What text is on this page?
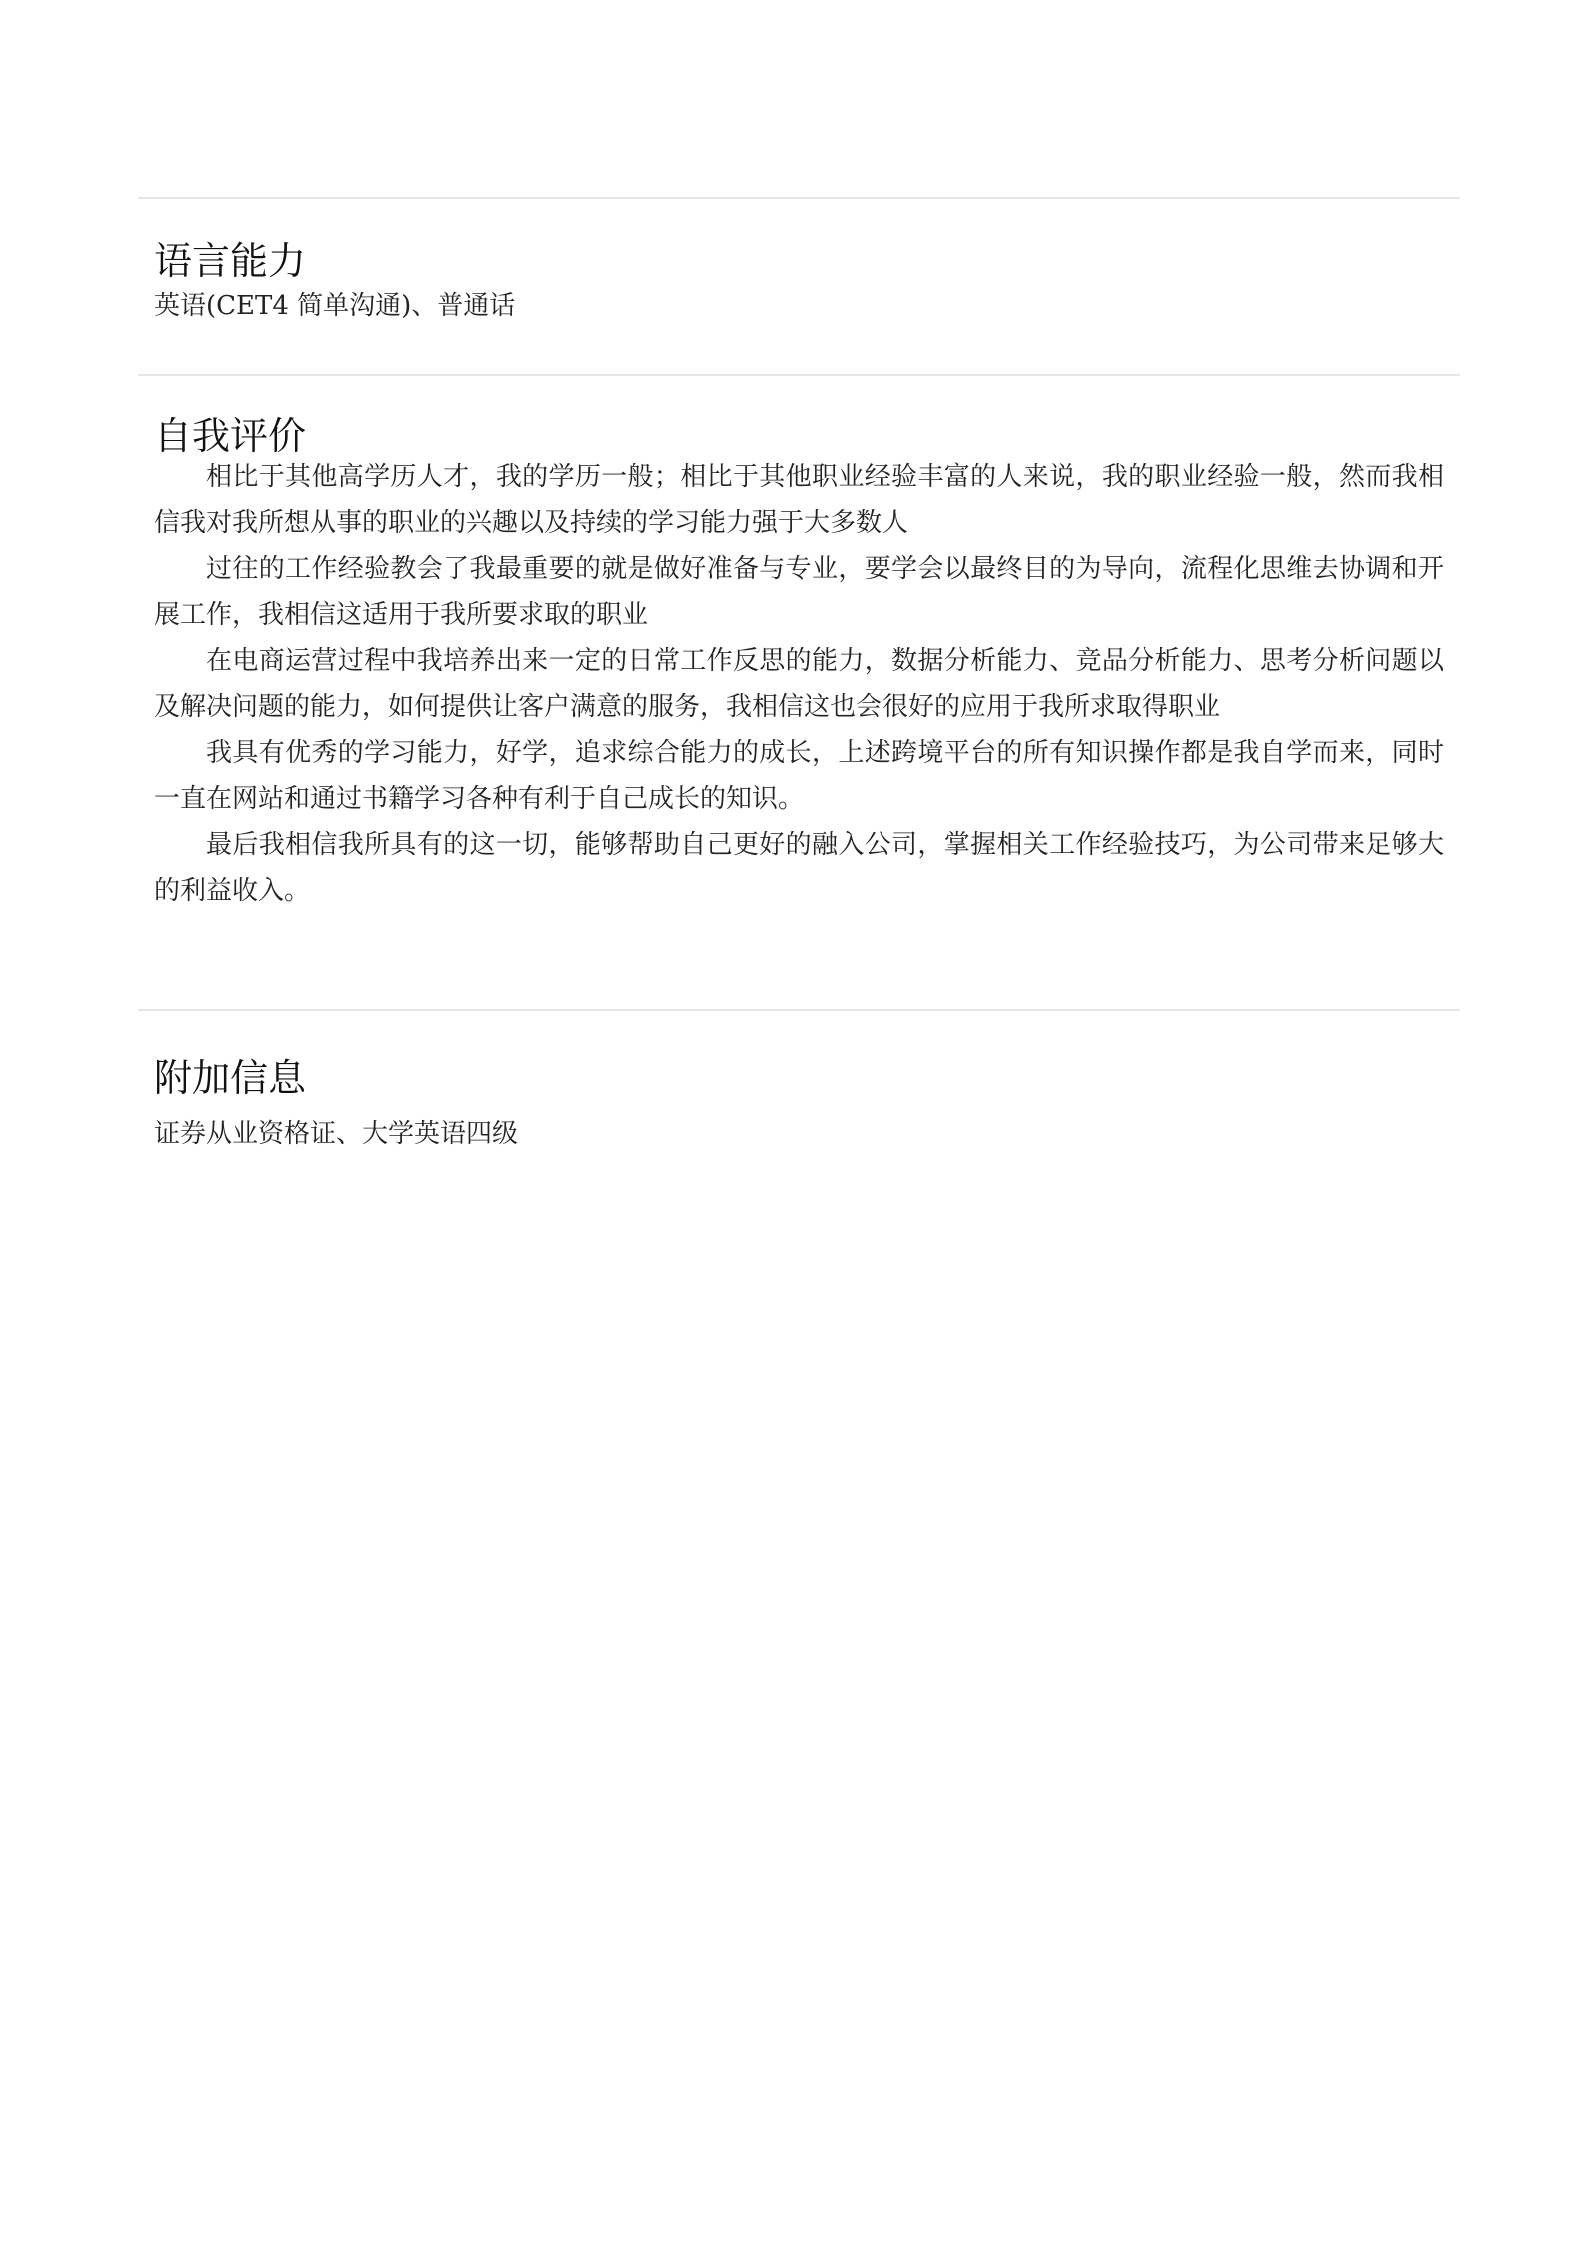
语言能力

英语(CET4 简单沟通)、普通话

自我评价

相比于其他高学历人才，我的学历一般；相比于其他职业经验丰富的人来说，我的职业经验一般，然而我相信我对我所想从事的职业的兴趣以及持续的学习能力强于大多数人

过往的工作经验教会了我最重要的就是做好准备与专业，要学会以最终目的为导向，流程化思维去协调和开展工作，我相信这适用于我所要求取的职业

在电商运营过程中我培养出来一定的日常工作反思的能力，数据分析能力、竞品分析能力、思考分析问题以及解决问题的能力，如何提供让客户满意的服务，我相信这也会很好的应用于我所求取得职业

我具有优秀的学习能力，好学，追求综合能力的成长，上述跨境平台的所有知识操作都是我自学而来，同时一直在网站和通过书籍学习各种有利于自己成长的知识。

最后我相信我所具有的这一切，能够帮助自己更好的融入公司，掌握相关工作经验技巧，为公司带来足够大的利益收入。

附加信息

证券从业资格证、大学英语四级
